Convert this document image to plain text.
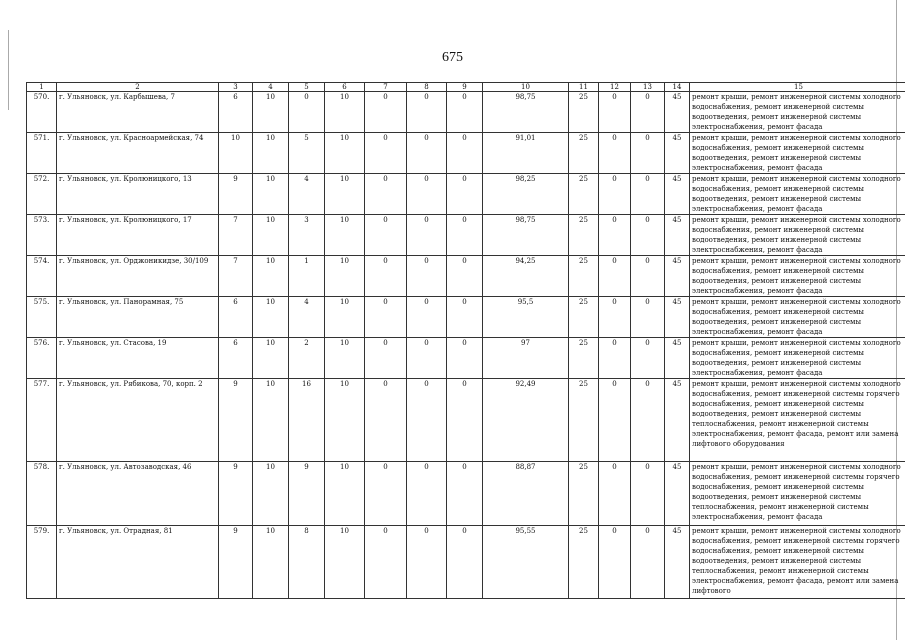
675
1	2	3	4	5	6	7	8	9	10	11	12	13	14	15
570.	г. Ульяновск, ул. Карбышева, 7	6	10	0	10	0	0	0	98,75	25	0	0	45	ремонт крыши, ремонт инженерной системы холодного водоснабжения, ремонт инженерной системы водоотведения, ремонт инженерной системы электроснабжения, ремонт фасада
571.	г. Ульяновск, ул. Красноармейская, 74	10	10	5	10	0	0	0	91,01	25	0	0	45	ремонт крыши, ремонт инженерной системы холодного водоснабжения, ремонт инженерной системы водоотведения, ремонт инженерной системы электроснабжения, ремонт фасада
572.	г. Ульяновск, ул. Кролюницкого, 13	9	10	4	10	0	0	0	98,25	25	0	0	45	ремонт крыши, ремонт инженерной системы холодного водоснабжения, ремонт инженерной системы водоотведения, ремонт инженерной системы электроснабжения, ремонт фасада
573.	г. Ульяновск, ул. Кролюницкого, 17	7	10	3	10	0	0	0	98,75	25	0	0	45	ремонт крыши, ремонт инженерной системы холодного водоснабжения, ремонт инженерной системы водоотведения, ремонт инженерной системы электроснабжения, ремонт фасада
574.	г. Ульяновск, ул. Орджоникидзе, 30/109	7	10	1	10	0	0	0	94,25	25	0	0	45	ремонт крыши, ремонт инженерной системы холодного водоснабжения, ремонт инженерной системы водоотведения, ремонт инженерной системы электроснабжения, ремонт фасада
575.	г. Ульяновск, ул. Панорамная, 75	6	10	4	10	0	0	0	95,5	25	0	0	45	ремонт крыши, ремонт инженерной системы холодного водоснабжения, ремонт инженерной системы водоотведения, ремонт инженерной системы электроснабжения, ремонт фасада
576.	г. Ульяновск, ул. Стасова, 19	6	10	2	10	0	0	0	97	25	0	0	45	ремонт крыши, ремонт инженерной системы холодного водоснабжения, ремонт инженерной системы водоотведения, ремонт инженерной системы электроснабжения, ремонт фасада
577.	г. Ульяновск, ул. Рябикова, 70, корп. 2	9	10	16	10	0	0	0	92,49	25	0	0	45	ремонт крыши, ремонт инженерной системы холодного водоснабжения, ремонт инженерной системы горячего водоснабжения, ремонт инженерной системы водоотведения, ремонт инженерной системы теплоснабжения, ремонт инженерной системы электроснабжения, ремонт фасада, ремонт или замена лифтового оборудования
578.	г. Ульяновск, ул. Автозаводская, 46	9	10	9	10	0	0	0	88,87	25	0	0	45	ремонт крыши, ремонт инженерной системы холодного водоснабжения, ремонт инженерной системы горячего водоснабжения, ремонт инженерной системы водоотведения, ремонт инженерной системы теплоснабжения, ремонт инженерной системы электроснабжения, ремонт фасада
579.	г. Ульяновск, ул. Отрадная, 81	9	10	8	10	0	0	0	95,55	25	0	0	45	ремонт крыши, ремонт инженерной системы холодного водоснабжения, ремонт инженерной системы горячего водоснабжения, ремонт инженерной системы водоотведения, ремонт инженерной системы теплоснабжения, ремонт инженерной системы электроснабжения, ремонт фасада, ремонт или замена лифтового
